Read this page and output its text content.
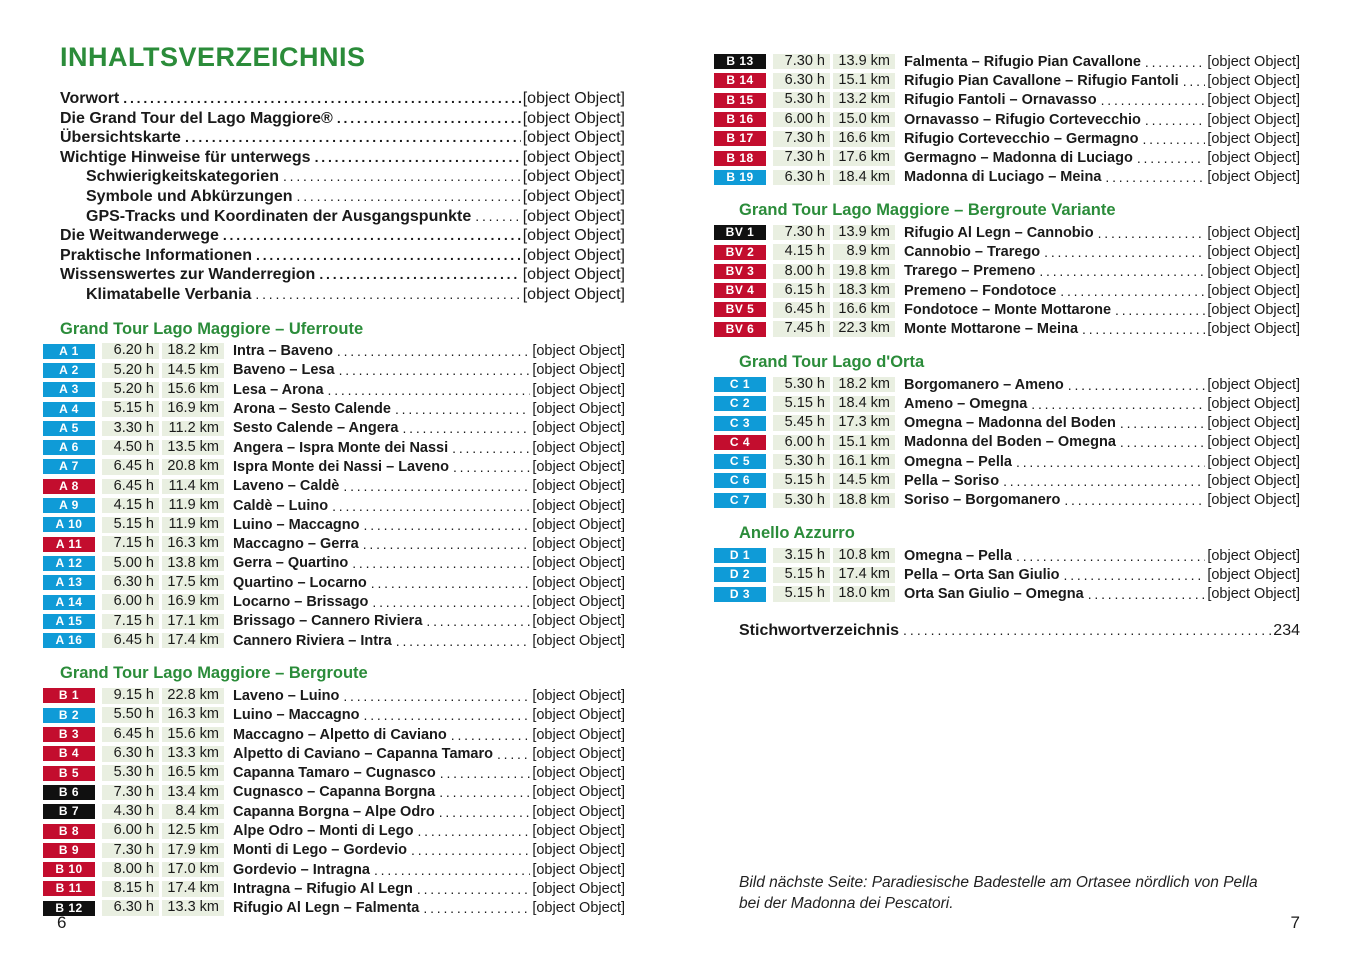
INHALTSVERZEICHNIS
Vorwort .....	[object Object]
Die Grand Tour del Lago Maggiore® .....	[object Object]
Übersichtskarte .....	[object Object]
Wichtige Hinweise für unterwegs .....	[object Object]
Schwierigkeitskategorien .....	[object Object]
Symbole und Abkürzungen .....	[object Object]
GPS-Tracks und Koordinaten der Ausgangspunkte .....	[object Object]
Die Weitwanderwege .....	[object Object]
Praktische Informationen .....	[object Object]
Wissenswertes zur Wanderregion .....	[object Object]
Klimatabelle Verbania .....	[object Object]
Grand Tour Lago Maggiore – Uferroute
A 1	6.20 h 18.2 km Intra – Baveno .....	[object Object]
A 2	5.20 h 14.5 km Baveno – Lesa .....	[object Object]
A 3	5.20 h 15.6 km Lesa – Arona .....	[object Object]
A 4	5.15 h 16.9 km Arona – Sesto Calende .....	[object Object]
A 5	3.30 h 11.2 km Sesto Calende – Angera .....	[object Object]
A 6	4.50 h 13.5 km Angera – Ispra Monte dei Nassi .....	[object Object]
A 7	6.45 h 20.8 km Ispra Monte dei Nassi – Laveno .....	[object Object]
A 8	6.45 h 11.4 km Laveno – Caldè .....	[object Object]
A 9	4.15 h 11.9 km Caldè – Luino .....	[object Object]
A 10	5.15 h 11.9 km Luino – Maccagno .....	[object Object]
A 11	7.15 h 16.3 km Maccagno – Gerra .....	[object Object]
A 12	5.00 h 13.8 km Gerra – Quartino .....	[object Object]
A 13	6.30 h 17.5 km Quartino – Locarno .....	[object Object]
A 14	6.00 h 16.9 km Locarno – Brissago .....	[object Object]
A 15	7.15 h 17.1 km Brissago – Cannero Riviera .....	[object Object]
A 16	6.45 h 17.4 km Cannero Riviera – Intra .....	[object Object]
Grand Tour Lago Maggiore – Bergroute
B 1	9.15 h 22.8 km Laveno – Luino .....	[object Object]
B 2	5.50 h 16.3 km Luino – Maccagno .....	[object Object]
B 3	6.45 h 15.6 km Maccagno – Alpetto di Caviano .....	[object Object]
B 4	6.30 h 13.3 km Alpetto di Caviano – Capanna Tamaro .....	[object Object]
B 5	5.30 h 16.5 km Capanna Tamaro – Cugnasco .....	[object Object]
B 6	7.30 h 13.4 km Cugnasco – Capanna Borgna .....	[object Object]
B 7	4.30 h	8.4 km Capanna Borgna – Alpe Odro .....	[object Object]
B 8	6.00 h 12.5 km Alpe Odro – Monti di Lego .....	[object Object]
B 9	7.30 h 17.9 km Monti di Lego – Gordevio .....	[object Object]
B 10	8.00 h 17.0 km Gordevio – Intragna .....	[object Object]
B 11	8.15 h 17.4 km Intragna – Rifugio Al Legn .....	[object Object]
B 12	6.30 h 13.3 km Rifugio Al Legn – Falmenta .....	[object Object]
B 13	7.30 h 13.9 km Falmenta – Rifugio Pian Cavallone .....	[object Object]
B 14	6.30 h 15.1 km Rifugio Pian Cavallone – Rifugio Fantoli ..... [object Object]
B 15	5.30 h 13.2 km Rifugio Fantoli – Ornavasso .....	[object Object]
B 16	6.00 h 15.0 km Ornavasso – Rifugio Cortevecchio .....	[object Object]
B 17	7.30 h 16.6 km Rifugio Cortevecchio – Germagno .....	[object Object]
B 18	7.30 h 17.6 km Germagno – Madonna di Luciago .....	[object Object]
B 19	6.30 h 18.4 km Madonna di Luciago – Meina .....	[object Object]
Grand Tour Lago Maggiore – Bergroute Variante
BV 1	7.30 h 13.9 km Rifugio Al Legn – Cannobio .....	[object Object]
BV 2	4.15 h	8.9 km Cannobio – Trarego .....	[object Object]
BV 3	8.00 h 19.8 km Trarego – Premeno .....	[object Object]
BV 4	6.15 h 18.3 km Premeno – Fondotoce .....	[object Object]
BV 5	6.45 h 16.6 km Fondotoce – Monte Mottarone .....	[object Object]
BV 6	7.45 h 22.3 km Monte Mottarone – Meina .....	[object Object]
Grand Tour Lago d'Orta
C 1	5.30 h 18.2 km Borgomanero – Ameno .....	[object Object]
C 2	5.15 h 18.4 km Ameno – Omegna .....	[object Object]
C 3	5.45 h 17.3 km Omegna – Madonna del Boden .....	[object Object]
C 4	6.00 h 15.1 km Madonna del Boden – Omegna .....	[object Object]
C 5	5.30 h 16.1 km Omegna – Pella .....	[object Object]
C 6	5.15 h 14.5 km Pella – Soriso .....	[object Object]
C 7	5.30 h 18.8 km Soriso – Borgomanero .....	[object Object]
Anello Azzurro
D 1	3.15 h 10.8 km Omegna – Pella .....	[object Object]
D 2	5.15 h 17.4 km Pella – Orta San Giulio .....	[object Object]
D 3	5.15 h 18.0 km Orta San Giulio – Omegna .....	[object Object]
Stichwortverzeichnis .....	234
Bild nächste Seite: Paradiesische Badestelle am Ortasee nördlich von Pella bei der Madonna dei Pescatori.
6	7
